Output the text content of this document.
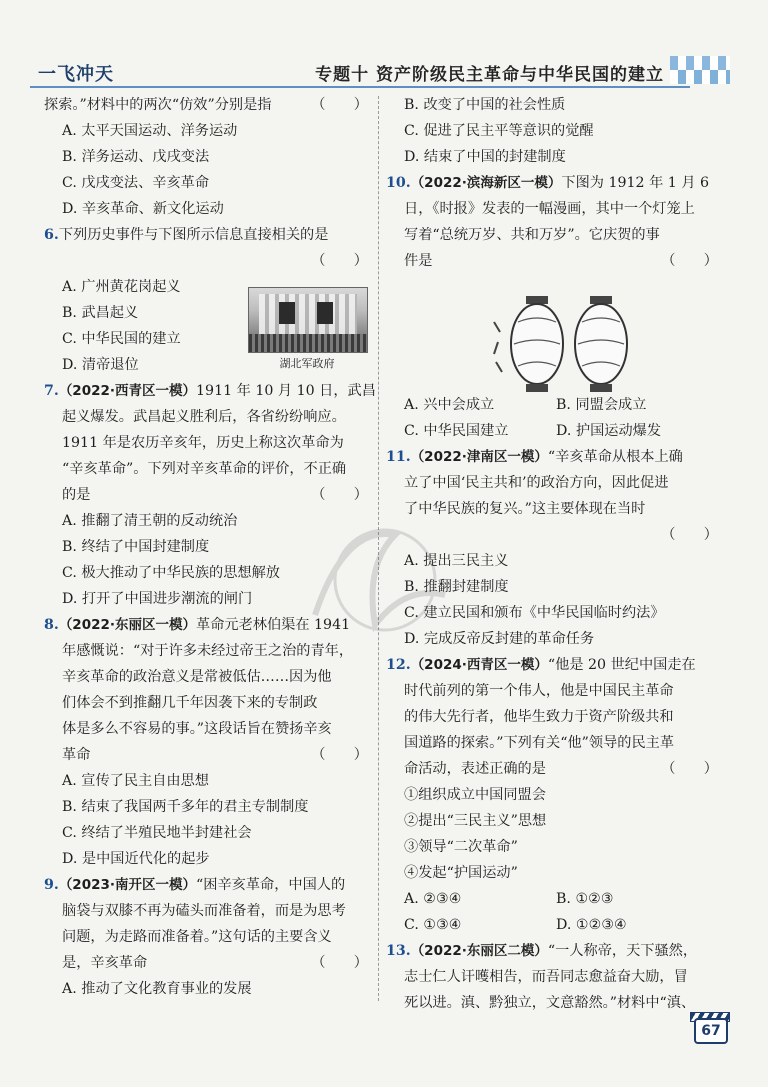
一飞冲天	专题十 资产阶级民主革命与中华民国的建立
探索。”材料中的两次“仿效”分别是指	（　　）
A. 太平天国运动、洋务运动
B. 洋务运动、戊戌变法
C. 戊戌变法、辛亥革命
D. 辛亥革命、新文化运动
6.下列历史事件与下图所示信息直接相关的是
（　　）
A. 广州黄花岗起义
B. 武昌起义
C. 中华民国的建立
D. 清帝退位	湖北军政府
7.（2022·西青区一模）1911 年 10 月 10 日，武昌
起义爆发。武昌起义胜利后，各省纷纷响应。
1911 年是农历辛亥年，历史上称这次革命为
“辛亥革命”。下列对辛亥革命的评价，不正确
的是	（　　）
A. 推翻了清王朝的反动统治
B. 终结了中国封建制度
C. 极大推动了中华民族的思想解放
D. 打开了中国进步潮流的闸门
8.（2022·东丽区一模）革命元老林伯渠在 1941
年感慨说：“对于许多未经过帝王之治的青年，
辛亥革命的政治意义是常被低估……因为他
们体会不到推翻几千年因袭下来的专制政
体是多么不容易的事。”这段话旨在赞扬辛亥
革命	（　　）
A. 宣传了民主自由思想
B. 结束了我国两千多年的君主专制制度
C. 终结了半殖民地半封建社会
D. 是中国近代化的起步
9.（2023·南开区一模）“困辛亥革命，中国人的
脑袋与双膝不再为磕头而准备着，而是为思考
问题，为走路而准备着。”这句话的主要含义
是，辛亥革命	（　　）
A. 推动了文化教育事业的发展
B. 改变了中国的社会性质
C. 促进了民主平等意识的觉醒
D. 结束了中国的封建制度
10.（2022·滨海新区一模）下图为 1912 年 1 月 6
日，《时报》发表的一幅漫画，其中一个灯笼上
写着“总统万岁、共和万岁”。它庆贺的事
件是	（　　）
A. 兴中会成立	B. 同盟会成立
C. 中华民国建立	D. 护国运动爆发
11.（2022·津南区一模）“辛亥革命从根本上确
立了中国‘民主共和’的政治方向，因此促进
了中华民族的复兴。”这主要体现在当时
（　　）
A. 提出三民主义
B. 推翻封建制度
C. 建立民国和颁布《中华民国临时约法》
D. 完成反帝反封建的革命任务
12.（2024·西青区一模）“他是 20 世纪中国走在
时代前列的第一个伟人，他是中国民主革命
的伟大先行者，他毕生致力于资产阶级共和
国道路的探索。”下列有关“他”领导的民主革
命活动，表述正确的是	（　　）
①组织成立中国同盟会
②提出“三民主义”思想
③领导“二次革命”
④发起“护国运动”
A. ②③④	B. ①②③
C. ①③④	D. ①②③④
13.（2022·东丽区二模）“一人称帝，天下骚然，
志士仁人讦嚄相告，而吾同志愈益奋大励，冒
死以进。滇、黔独立，文意豁然。”材料中“滇、
67
